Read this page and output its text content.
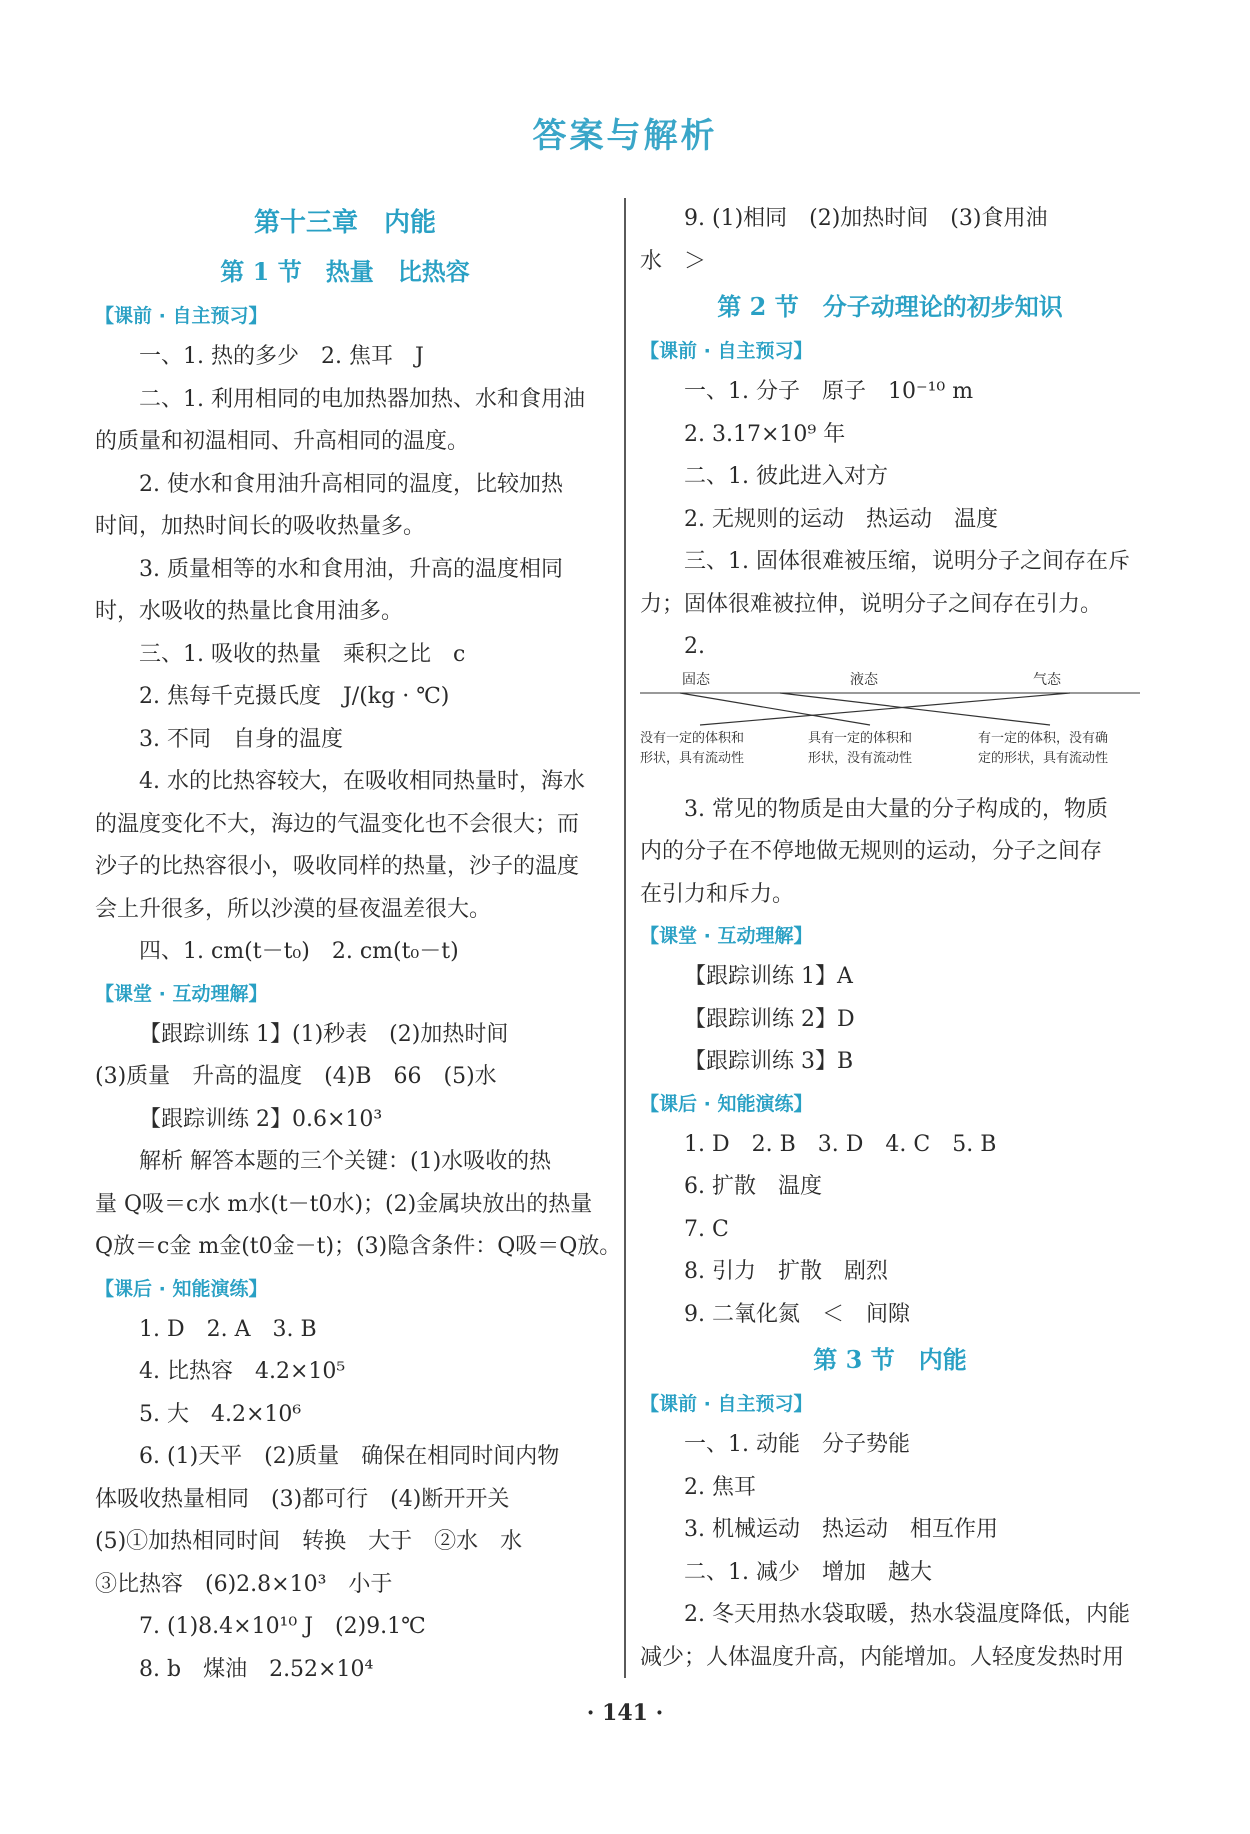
答案与解析
第十三章　内能
第 1 节　热量　比热容
【课前 · 自主预习】
一、1. 热的多少　2. 焦耳　J
二、1. 利用相同的电加热器加热、水和食用油
的质量和初温相同、升高相同的温度。
2. 使水和食用油升高相同的温度，比较加热
时间，加热时间长的吸收热量多。
3. 质量相等的水和食用油，升高的温度相同
时，水吸收的热量比食用油多。
三、1. 吸收的热量　乘积之比　c
2. 焦每千克摄氏度　J/(kg · ℃)
3. 不同　自身的温度
4. 水的比热容较大，在吸收相同热量时，海水
的温度变化不大，海边的气温变化也不会很大；而
沙子的比热容很小，吸收同样的热量，沙子的温度
会上升很多，所以沙漠的昼夜温差很大。
四、1. cm(t－t₀)　2. cm(t₀－t)
【课堂 · 互动理解】
【跟踪训练 1】(1)秒表　(2)加热时间
(3)质量　升高的温度　(4)B　66　(5)水
【跟踪训练 2】0.6×10³
解析 解答本题的三个关键：(1)水吸收的热
量 Q吸＝c水 m水(t－t0水)；(2)金属块放出的热量
Q放＝c金 m金(t0金－t)；(3)隐含条件：Q吸＝Q放。
【课后 · 知能演练】
1. D　2. A　3. B
4. 比热容　4.2×10⁵
5. 大　4.2×10⁶
6. (1)天平　(2)质量　确保在相同时间内物
体吸收热量相同　(3)都可行　(4)断开开关
(5)①加热相同时间　转换　大于　②水　水
③比热容　(6)2.8×10³　小于
7. (1)8.4×10¹⁰ J　(2)9.1℃
8. b　煤油　2.52×10⁴
9. (1)相同　(2)加热时间　(3)食用油
水　＞
第 2 节　分子动理论的初步知识
【课前 · 自主预习】
一、1. 分子　原子　10⁻¹⁰ m
2. 3.17×10⁹ 年
二、1. 彼此进入对方
2. 无规则的运动　热运动　温度
三、1. 固体很难被压缩，说明分子之间存在斥
力；固体很难被拉伸，说明分子之间存在引力。
2.
固态	液态	气态
没有一定的体积和
形状，具有流动性
具有一定的体积和
形状，没有流动性
有一定的体积，没有确
定的形状，具有流动性
3. 常见的物质是由大量的分子构成的，物质
内的分子在不停地做无规则的运动，分子之间存
在引力和斥力。
【课堂 · 互动理解】
【跟踪训练 1】A
【跟踪训练 2】D
【跟踪训练 3】B
【课后 · 知能演练】
1. D　2. B　3. D　4. C　5. B
6. 扩散　温度
7. C
8. 引力　扩散　剧烈
9. 二氧化氮　＜　间隙
第 3 节　内能
【课前 · 自主预习】
一、1. 动能　分子势能
2. 焦耳
3. 机械运动　热运动　相互作用
二、1. 减少　增加　越大
2. 冬天用热水袋取暖，热水袋温度降低，内能
减少；人体温度升高，内能增加。人轻度发热时用
· 141 ·
